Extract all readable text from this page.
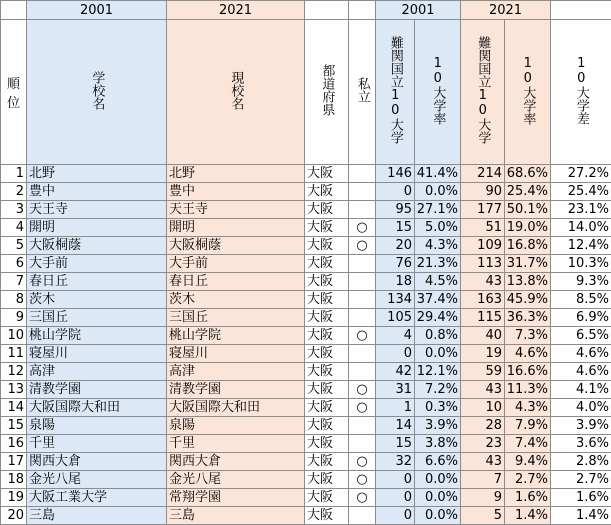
	2001	2021			2001		2021		
順位	学校名	現校名	都道府県	私立	難関国立10大学	10大学率	難関国立10大学	10大学率	10大学差
1	北野	北野	大阪		146	41.4%	214	68.6%	27.2%
2	豊中	豊中	大阪		0	0.0%	90	25.4%	25.4%
3	天王寺	天王寺	大阪		95	27.1%	177	50.1%	23.1%
4	開明	開明	大阪	○	15	5.0%	51	19.0%	14.0%
5	大阪桐蔭	大阪桐蔭	大阪	○	20	4.3%	109	16.8%	12.4%
6	大手前	大手前	大阪		76	21.3%	113	31.7%	10.3%
7	春日丘	春日丘	大阪		18	4.5%	43	13.8%	9.3%
8	茨木	茨木	大阪		134	37.4%	163	45.9%	8.5%
9	三国丘	三国丘	大阪		105	29.4%	115	36.3%	6.9%
10	桃山学院	桃山学院	大阪	○	4	0.8%	40	7.3%	6.5%
11	寝屋川	寝屋川	大阪		0	0.0%	19	4.6%	4.6%
12	高津	高津	大阪		42	12.1%	59	16.6%	4.6%
13	清教学園	清教学園	大阪	○	31	7.2%	43	11.3%	4.1%
14	大阪国際大和田	大阪国際大和田	大阪	○	1	0.3%	10	4.3%	4.0%
15	泉陽	泉陽	大阪		14	3.9%	28	7.9%	3.9%
16	千里	千里	大阪		15	3.8%	23	7.4%	3.6%
17	関西大倉	関西大倉	大阪	○	32	6.6%	43	9.4%	2.8%
18	金光八尾	金光八尾	大阪	○	0	0.0%	7	2.7%	2.7%
19	大阪工業大学	常翔学園	大阪	○	0	0.0%	9	1.6%	1.6%
20	三島	三島	大阪		0	0.0%	5	1.4%	1.4%
